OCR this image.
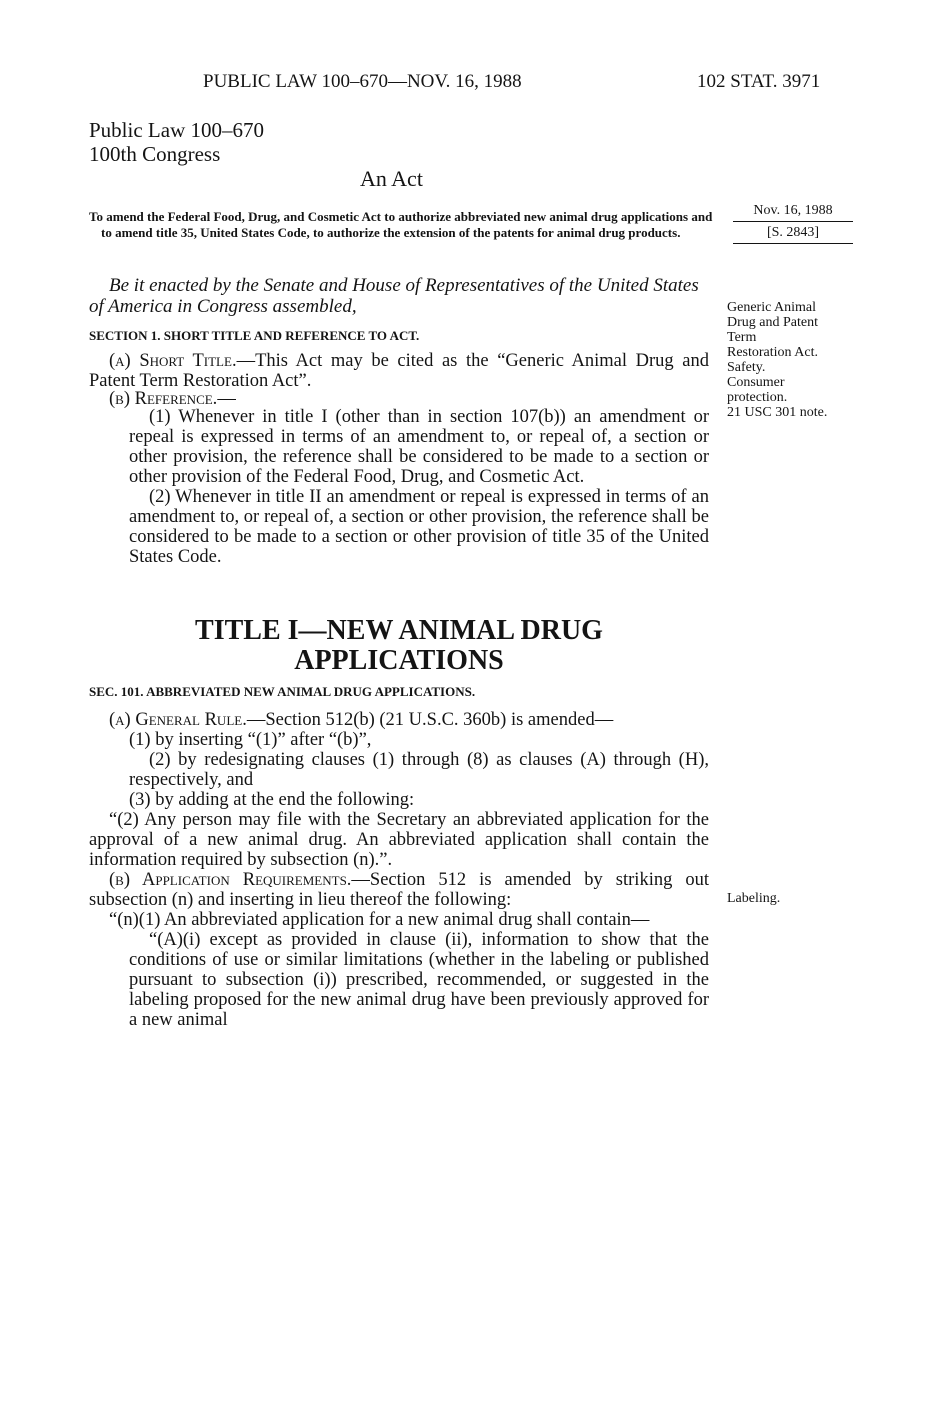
PUBLIC LAW 100–670—NOV. 16, 1988	102 STAT. 3971
Public Law 100–670
100th Congress
An Act
To amend the Federal Food, Drug, and Cosmetic Act to authorize abbreviated new animal drug applications and to amend title 35, United States Code, to authorize the extension of the patents for animal drug products.
Nov. 16, 1988
[S. 2843]
Be it enacted by the Senate and House of Representatives of the United States of America in Congress assembled,	Generic Animal
Drug and Patent
Term
Restoration Act.
Safety.
Consumer
protection.
21 USC 301 note.
SECTION 1. SHORT TITLE AND REFERENCE TO ACT.

(a) Short Title.—This Act may be cited as the “Generic Animal Drug and Patent Term Restoration Act”.

(b) Reference.—

(1) Whenever in title I (other than in section 107(b)) an amendment or repeal is expressed in terms of an amendment to, or repeal of, a section or other provision, the reference shall be considered to be made to a section or other provision of the Federal Food, Drug, and Cosmetic Act.

(2) Whenever in title II an amendment or repeal is expressed in terms of an amendment to, or repeal of, a section or other provision, the reference shall be considered to be made to a section or other provision of title 35 of the United States Code.

TITLE I—NEW ANIMAL DRUG
APPLICATIONS
SEC. 101. ABBREVIATED NEW ANIMAL DRUG APPLICATIONS.

(a) General Rule.—Section 512(b) (21 U.S.C. 360b) is amended—

(1) by inserting “(1)” after “(b)”,

(2) by redesignating clauses (1) through (8) as clauses (A) through (H), respectively, and

(3) by adding at the end the following:

“(2) Any person may file with the Secretary an abbreviated application for the approval of a new animal drug. An abbreviated application shall contain the information required by subsection (n).”.

(b) Application Requirements.—Section 512 is amended by striking out subsection (n) and inserting in lieu thereof the following:

“(n)(1) An abbreviated application for a new animal drug shall contain—

“(A)(i) except as provided in clause (ii), information to show that the conditions of use or similar limitations (whether in the labeling or published pursuant to subsection (i)) prescribed, recommended, or suggested in the labeling proposed for the new animal drug have been previously approved for a new animal

Labeling.
